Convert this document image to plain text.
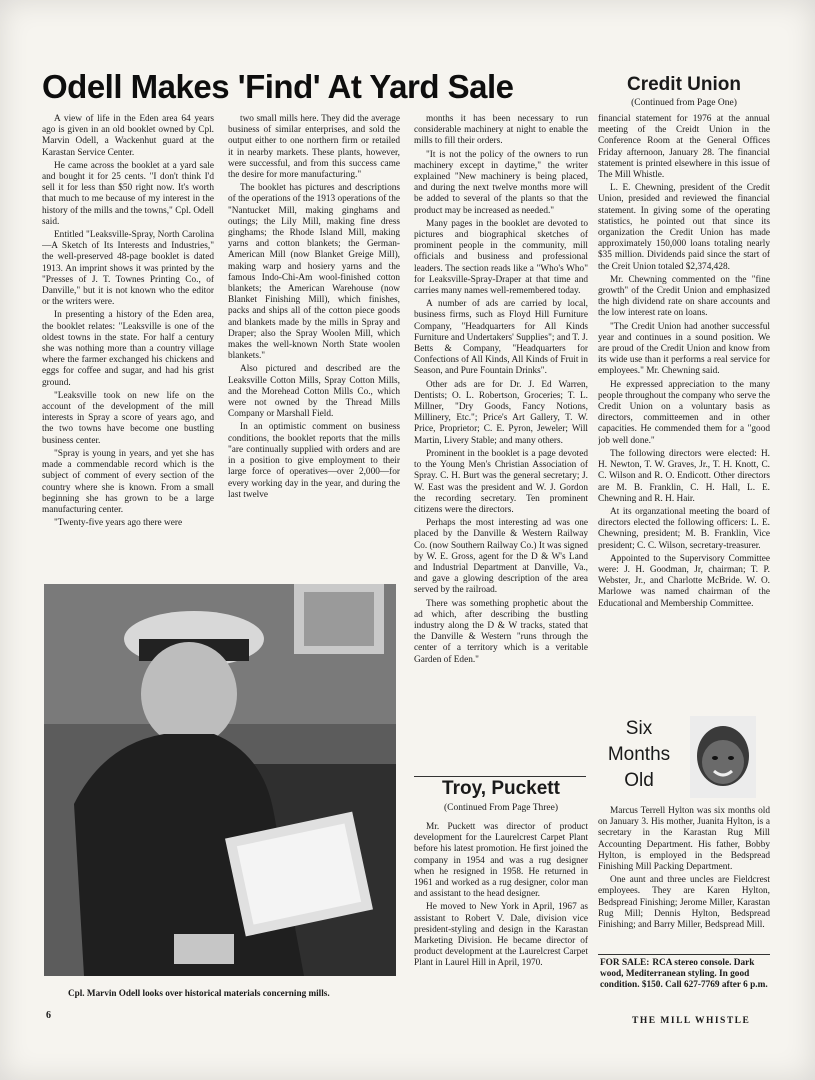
Odell Makes 'Find' At Yard Sale	Credit Union
(Continued from Page One)

A view of life in the Eden area 64 years ago is given in an old booklet owned by Cpl. Marvin Odell, a Wackenhut guard at the Karastan Service Center.

He came across the booklet at a yard sale and bought it for 25 cents. "I don't think I'd sell it for less than $50 right now. It's worth that much to me because of my interest in the history of the mills and the towns," Cpl. Odell said.

Entitled "Leaksville-Spray, North Carolina—A Sketch of Its Interests and Industries," the well-preserved 48-page booklet is dated 1913. An imprint shows it was printed by the "Presses of J. T. Townes Printing Co., of Danville," but it is not known who the editor or the writers were.

In presenting a history of the Eden area, the booklet relates: "Leaksville is one of the oldest towns in the state. For half a century she was nothing more than a country village where the farmer exchanged his chickens and eggs for coffee and sugar, and had his grist ground.

"Leaksville took on new life on the account of the development of the mill interests in Spray a score of years ago, and the two towns have become one bustling business center.

"Spray is young in years, and yet she has made a commendable record which is the subject of comment of every section of the country where she is known. From a small beginning she has grown to be a large manufacturing center.

"Twenty-five years ago there were

two small mills here. They did the average business of similar enterprises, and sold the output either to one northern firm or retailed it in nearby markets. These plants, however, were successful, and from this success came the desire for more manufacturing."

The booklet has pictures and descriptions of the operations of the 1913 operations of the "Nantucket Mill, making ginghams and outings; the Lily Mill, making fine dress ginghams; the Rhode Island Mill, making yarns and cotton blankets; the German-American Mill (now Blanket Greige Mill), making warp and hosiery yarns and the famous Indo-Chi-Am wool-finished cotton blankets; the American Warehouse (now Blanket Finishing Mill), which finishes, packs and ships all of the cotton piece goods and blankets made by the mills in Spray and Draper; also the Spray Woolen Mill, which makes the well-known North State woolen blankets."

Also pictured and described are the Leaksville Cotton Mills, Spray Cotton Mills, and the Morehead Cotton Mills Co., which were not owned by the Thread Mills Company or Marshall Field.

In an optimistic comment on business conditions, the booklet reports that the mills "are continually supplied with orders and are in a position to give employment to their large force of operatives—over 2,000—for every working day in the year, and during the last twelve

months it has been necessary to run considerable machinery at night to enable the mills to fill their orders.

"It is not the policy of the owners to run machinery except in daytime," the writer explained "New machinery is being placed, and during the next twelve months more will be added to several of the plants so that the product may be increased as needed."

Many pages in the booklet are devoted to pictures and biographical sketches of prominent people in the community, mill officials and business and professional leaders. The section reads like a "Who's Who" for Leaksville-Spray-Draper at that time and carries many names well-remembered today.

A number of ads are carried by local, business firms, such as Floyd Hill Furniture Company, "Headquarters for All Kinds Furniture and Undertakers' Supplies"; and T. J. Betts & Company, "Headquarters for Confections of All Kinds, All Kinds of Fruit in Season, and Pure Fountain Drinks".

Other ads are for Dr. J. Ed Warren, Dentists; O. L. Robertson, Groceries; T. L. Millner, "Dry Goods, Fancy Notions, Millinery, Etc."; Price's Art Gallery, T. W. Price, Proprietor; C. E. Pyron, Jeweler; Will Martin, Livery Stable; and many others.

Prominent in the booklet is a page devoted to the Young Men's Christian Association of Spray. C. H. Burt was the general secretary; J. W. East was the president and W. J. Gordon the recording secretary. Ten prominent citizens were the directors.

Perhaps the most interesting ad was one placed by the Danville & Western Railway Co. (now Southern Railway Co.) It was signed by W. E. Gross, agent for the D & W's Land and Industrial Department at Danville, Va., and gave a glowing description of the area served by the railroad.

There was something prophetic about the ad which, after describing the bustling industry along the D & W tracks, stated that the Danville & Western "runs through the center of a territory which is a veritable Garden of Eden."

financial statement for 1976 at the annual meeting of the Creidt Union in the Conference Room at the General Offices Friday afternoon, January 28. The financial statement is printed elsewhere in this issue of The Mill Whistle.

L. E. Chewning, president of the Credit Union, presided and reviewed the financial statement. In giving some of the operating statistics, he pointed out that since its organization the Credit Union has made approximately 150,000 loans totaling nearly $35 million. Dividends paid since the start of the Creit Union totaled $2,374,428.

Mr. Chewning commented on the "fine growth" of the Credit Union and emphasized the high dividend rate on share accounts and the low interest rate on loans.

"The Credit Union had another successful year and continues in a sound position. We are proud of the Credit Union and know from its wide use than it performs a real service for employees." Mr. Chewning said.

He expressed appreciation to the many people throughout the company who serve the Credit Union on a voluntary basis as directors, committeemen and in other capacities. He commended them for a "good job well done."

The following directors were elected: H. H. Newton, T. W. Graves, Jr., T. H. Knott, C. C. Wilson and R. O. Endicott. Other directors are M. B. Franklin, C. H. Hall, L. E. Chewning and R. H. Hair.

At its organzational meeting the board of directors elected the following officers: L. E. Chewning, president; M. B. Franklin, Vice president; C. C. Wilson, secretary-treasurer.

Appointed to the Supervisory Committee were: J. H. Goodman, Jr, chairman; T. P. Webster, Jr., and Charlotte McBride. W. O. Marlowe was named chairman of the Educational and Membership Committee.

Cpl. Marvin Odell looks over historical materials concerning mills.
Troy, Puckett
(Continued From Page Three)

Mr. Puckett was director of product development for the Laurelcrest Carpet Plant before his latest promotion. He first joined the company in 1954 and was a rug designer when he resigned in 1958. He returned in 1961 and worked as a rug designer, color man and assistant to the head designer.

He moved to New York in April, 1967 as assistant to Robert V. Dale, division vice president-styling and design in the Karastan Marketing Division. He became director of product development at the Laurelcrest Carpet Plant in Laurel Hill in April, 1970.

Six
Months
Old

Marcus Terrell Hylton was six months old on January 3. His mother, Juanita Hylton, is a secretary in the Karastan Rug Mill Accounting Department. His father, Bobby Hylton, is employed in the Bedspread Finishing Mill Packing Department.

One aunt and three uncles are Fieldcrest employees. They are Karen Hylton, Bedspread Finishing; Jerome Miller, Karastan Rug Mill; Dennis Hylton, Bedspread Finishing; and Barry Miller, Bedspread Mill.

FOR SALE: RCA stereo console. Dark wood, Mediterranean styling. In good condition. $150. Call 627-7769 after 6 p.m.
6	THE MILL WHISTLE
